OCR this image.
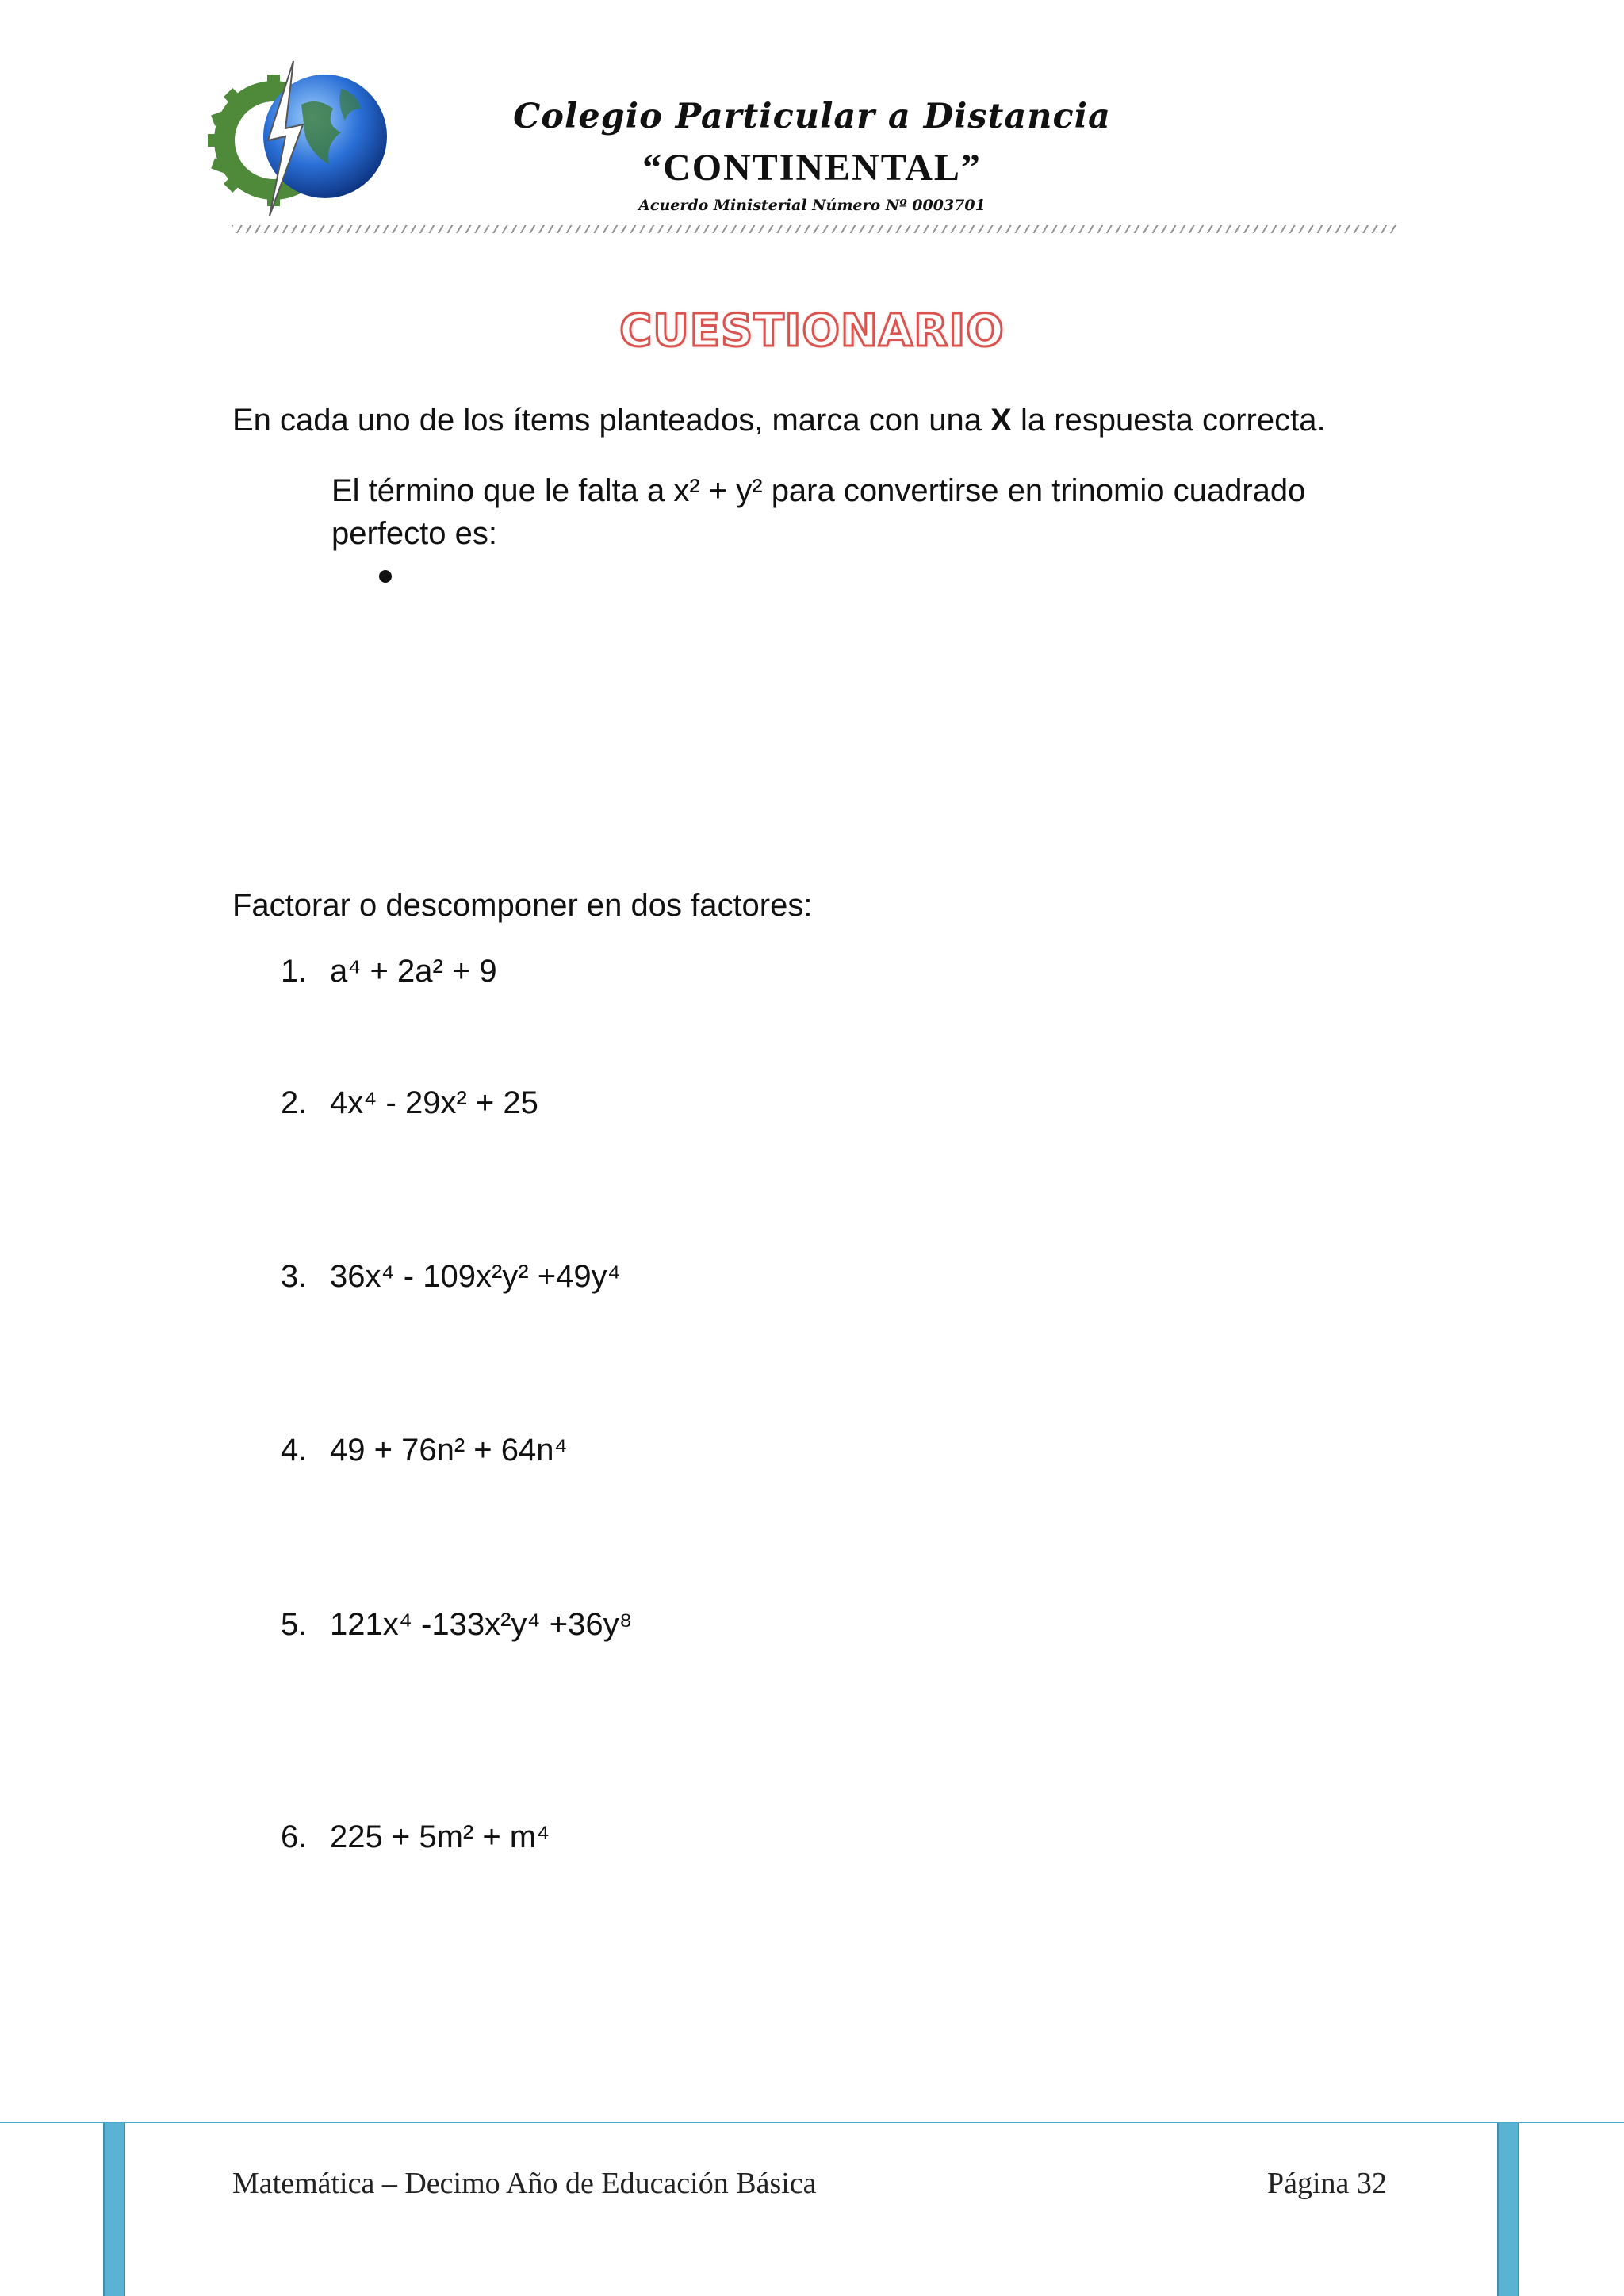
Colegio Particular a Distancia
“CONTINENTAL”
Acuerdo Ministerial Número Nº 0003701
CUESTIONARIO
En cada uno de los ítems planteados, marca con una X la respuesta correcta.
El término que le falta a x² + y² para convertirse en trinomio cuadrado perfecto es:
Factorar o descomponer en dos factores:
1. a⁴ + 2a² + 9
2. 4x⁴ - 29x² + 25
3. 36x⁴ - 109x²y² +49y⁴
4. 49 + 76n² + 64n⁴
5. 121x⁴ -133x²y⁴ +36y⁸
6. 225 + 5m² + m⁴
Matemática – Decimo Año de Educación Básica	Página 32
